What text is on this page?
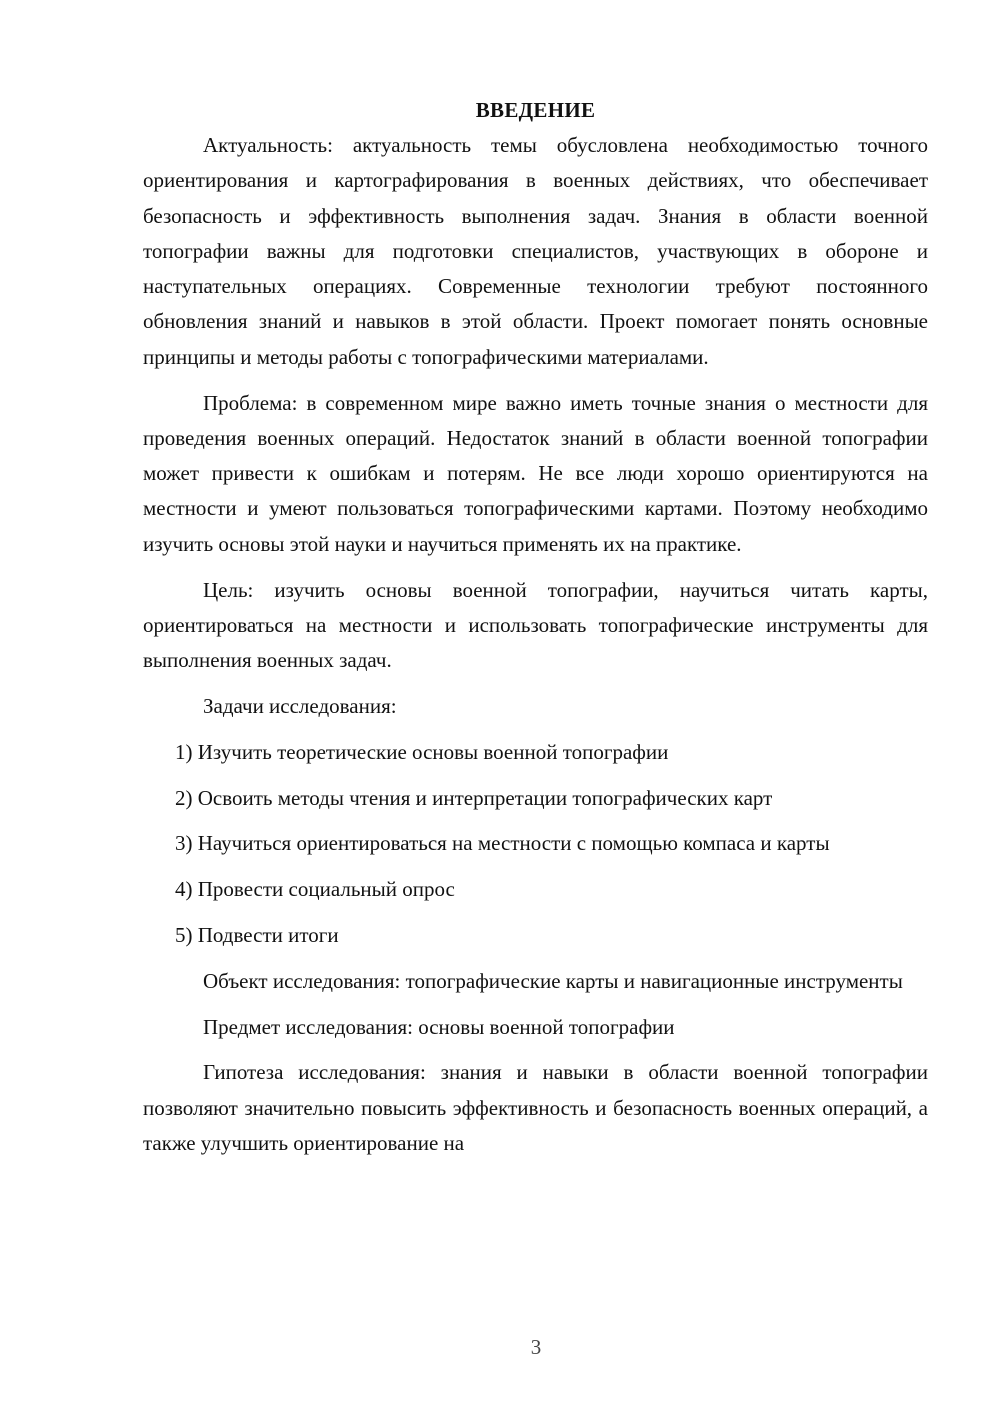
ВВЕДЕНИЕ

Актуальность: актуальность темы обусловлена необходимостью точного ориентирования и картографирования в военных действиях, что обеспечивает безопасность и эффективность выполнения задач. Знания в области военной топографии важны для подготовки специалистов, участвующих в обороне и наступательных операциях. Современные технологии требуют постоянного обновления знаний и навыков в этой области. Проект помогает понять основные принципы и методы работы с топографическими материалами.

Проблема: в современном мире важно иметь точные знания о местности для проведения военных операций. Недостаток знаний в области военной топографии может привести к ошибкам и потерям. Не все люди хорошо ориентируются на местности и умеют пользоваться топографическими картами. Поэтому необходимо изучить основы этой науки и научиться применять их на практике.

Цель: изучить основы военной топографии, научиться читать карты, ориентироваться на местности и использовать топографические инструменты для выполнения военных задач.

Задачи исследования:

1) Изучить теоретические основы военной топографии

2) Освоить методы чтения и интерпретации топографических карт

3) Научиться ориентироваться на местности с помощью компаса и карты

4) Провести социальный опрос

5) Подвести итоги

Объект исследования: топографические карты и навигационные инструменты

Предмет исследования: основы военной топографии

Гипотеза исследования: знания и навыки в области военной топографии позволяют значительно повысить эффективность и безопасность военных операций, а также улучшить ориентирование на

3
